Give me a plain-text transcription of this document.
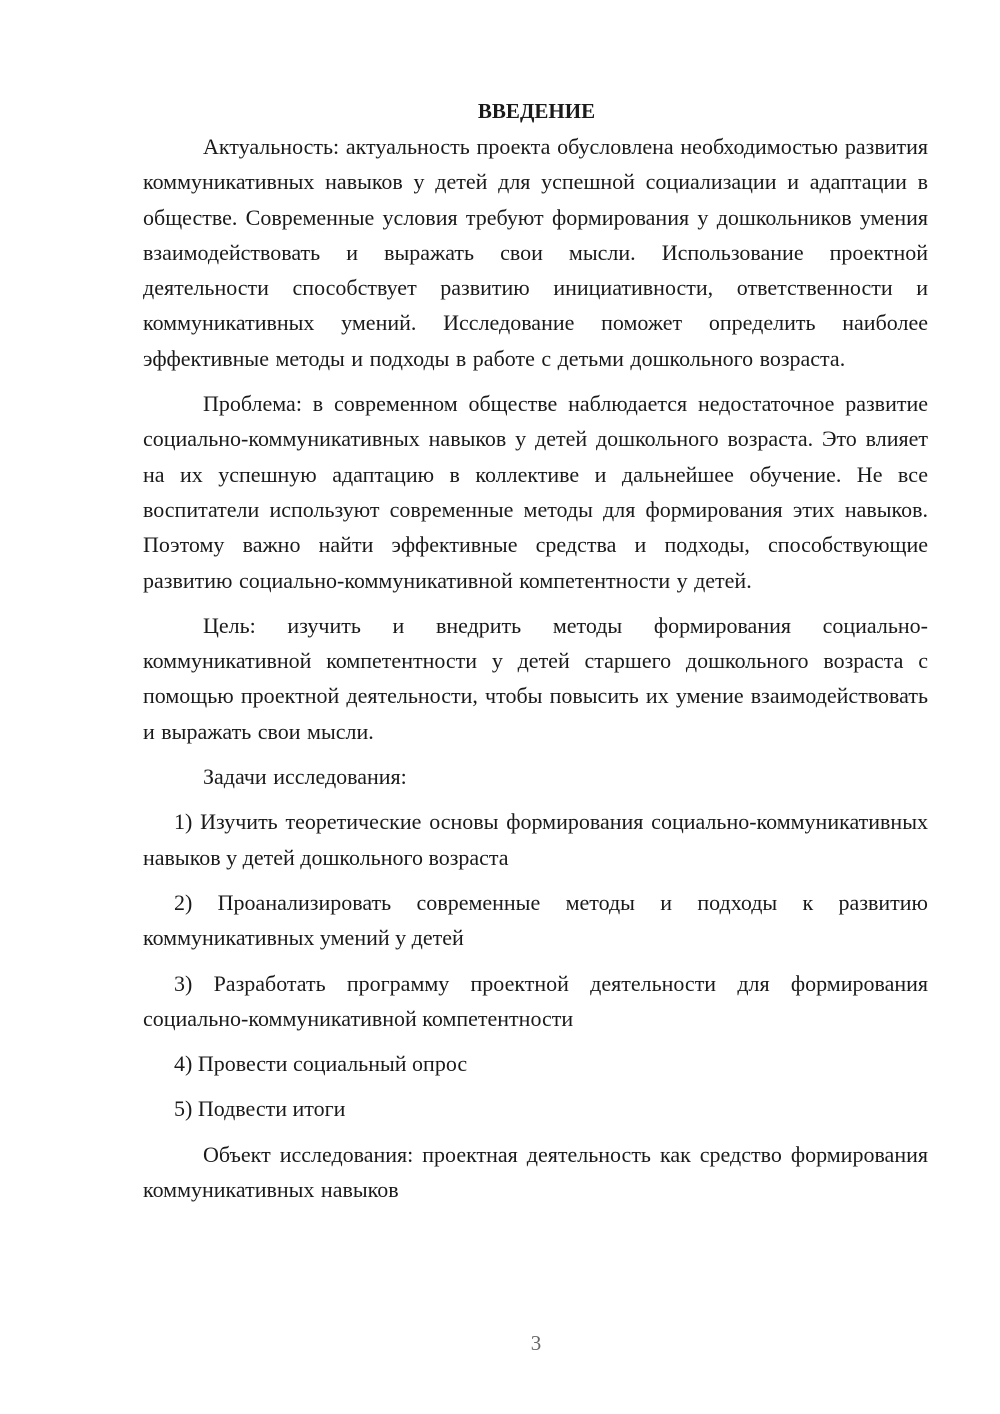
ВВЕДЕНИЕ

Актуальность: актуальность проекта обусловлена необходимостью развития коммуникативных навыков у детей для успешной социализации и адаптации в обществе. Современные условия требуют формирования у дошкольников умения взаимодействовать и выражать свои мысли. Использование проектной деятельности способствует развитию инициативности, ответственности и коммуникативных умений. Исследование поможет определить наиболее эффективные методы и подходы в работе с детьми дошкольного возраста.

Проблема: в современном обществе наблюдается недостаточное развитие социально-коммуникативных навыков у детей дошкольного возраста. Это влияет на их успешную адаптацию в коллективе и дальнейшее обучение. Не все воспитатели используют современные методы для формирования этих навыков. Поэтому важно найти эффективные средства и подходы, способствующие развитию социально-коммуникативной компетентности у детей.

Цель: изучить и внедрить методы формирования социально-коммуникативной компетентности у детей старшего дошкольного возраста с помощью проектной деятельности, чтобы повысить их умение взаимодействовать и выражать свои мысли.

Задачи исследования:

1) Изучить теоретические основы формирования социально-коммуникативных навыков у детей дошкольного возраста

2) Проанализировать современные методы и подходы к развитию коммуникативных умений у детей

3) Разработать программу проектной деятельности для формирования социально-коммуникативной компетентности

4) Провести социальный опрос

5) Подвести итоги

Объект исследования: проектная деятельность как средство формирования коммуникативных навыков

3
